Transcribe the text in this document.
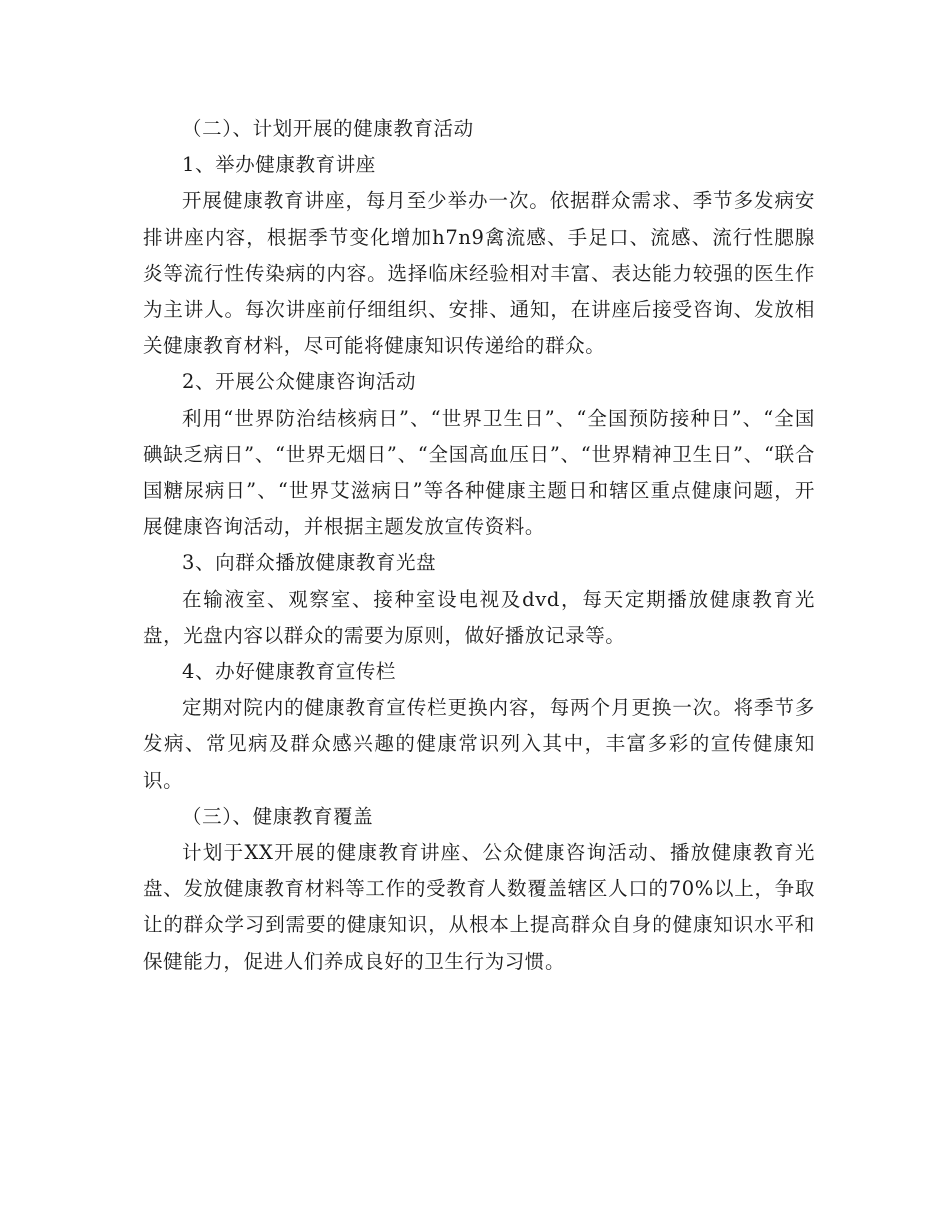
（二）、计划开展的健康教育活动

1、举办健康教育讲座

开展健康教育讲座，每月至少举办一次。依据群众需求、季节多发病安排讲座内容，根据季节变化增加h7n9禽流感、手足口、流感、流行性腮腺炎等流行性传染病的内容。选择临床经验相对丰富、表达能力较强的医生作为主讲人。每次讲座前仔细组织、安排、通知，在讲座后接受咨询、发放相关健康教育材料，尽可能将健康知识传递给的群众。

2、开展公众健康咨询活动

利用“世界防治结核病日”、“世界卫生日”、“全国预防接种日”、“全国碘缺乏病日”、“世界无烟日”、“全国高血压日”、“世界精神卫生日”、“联合国糖尿病日”、“世界艾滋病日”等各种健康主题日和辖区重点健康问题，开展健康咨询活动，并根据主题发放宣传资料。

3、向群众播放健康教育光盘

在输液室、观察室、接种室设电视及dvd，每天定期播放健康教育光盘，光盘内容以群众的需要为原则，做好播放记录等。

4、办好健康教育宣传栏

定期对院内的健康教育宣传栏更换内容，每两个月更换一次。将季节多发病、常见病及群众感兴趣的健康常识列入其中，丰富多彩的宣传健康知识。

（三）、健康教育覆盖

计划于XX开展的健康教育讲座、公众健康咨询活动、播放健康教育光盘、发放健康教育材料等工作的受教育人数覆盖辖区人口的70%以上，争取让的群众学习到需要的健康知识，从根本上提高群众自身的健康知识水平和保健能力，促进人们养成良好的卫生行为习惯。
